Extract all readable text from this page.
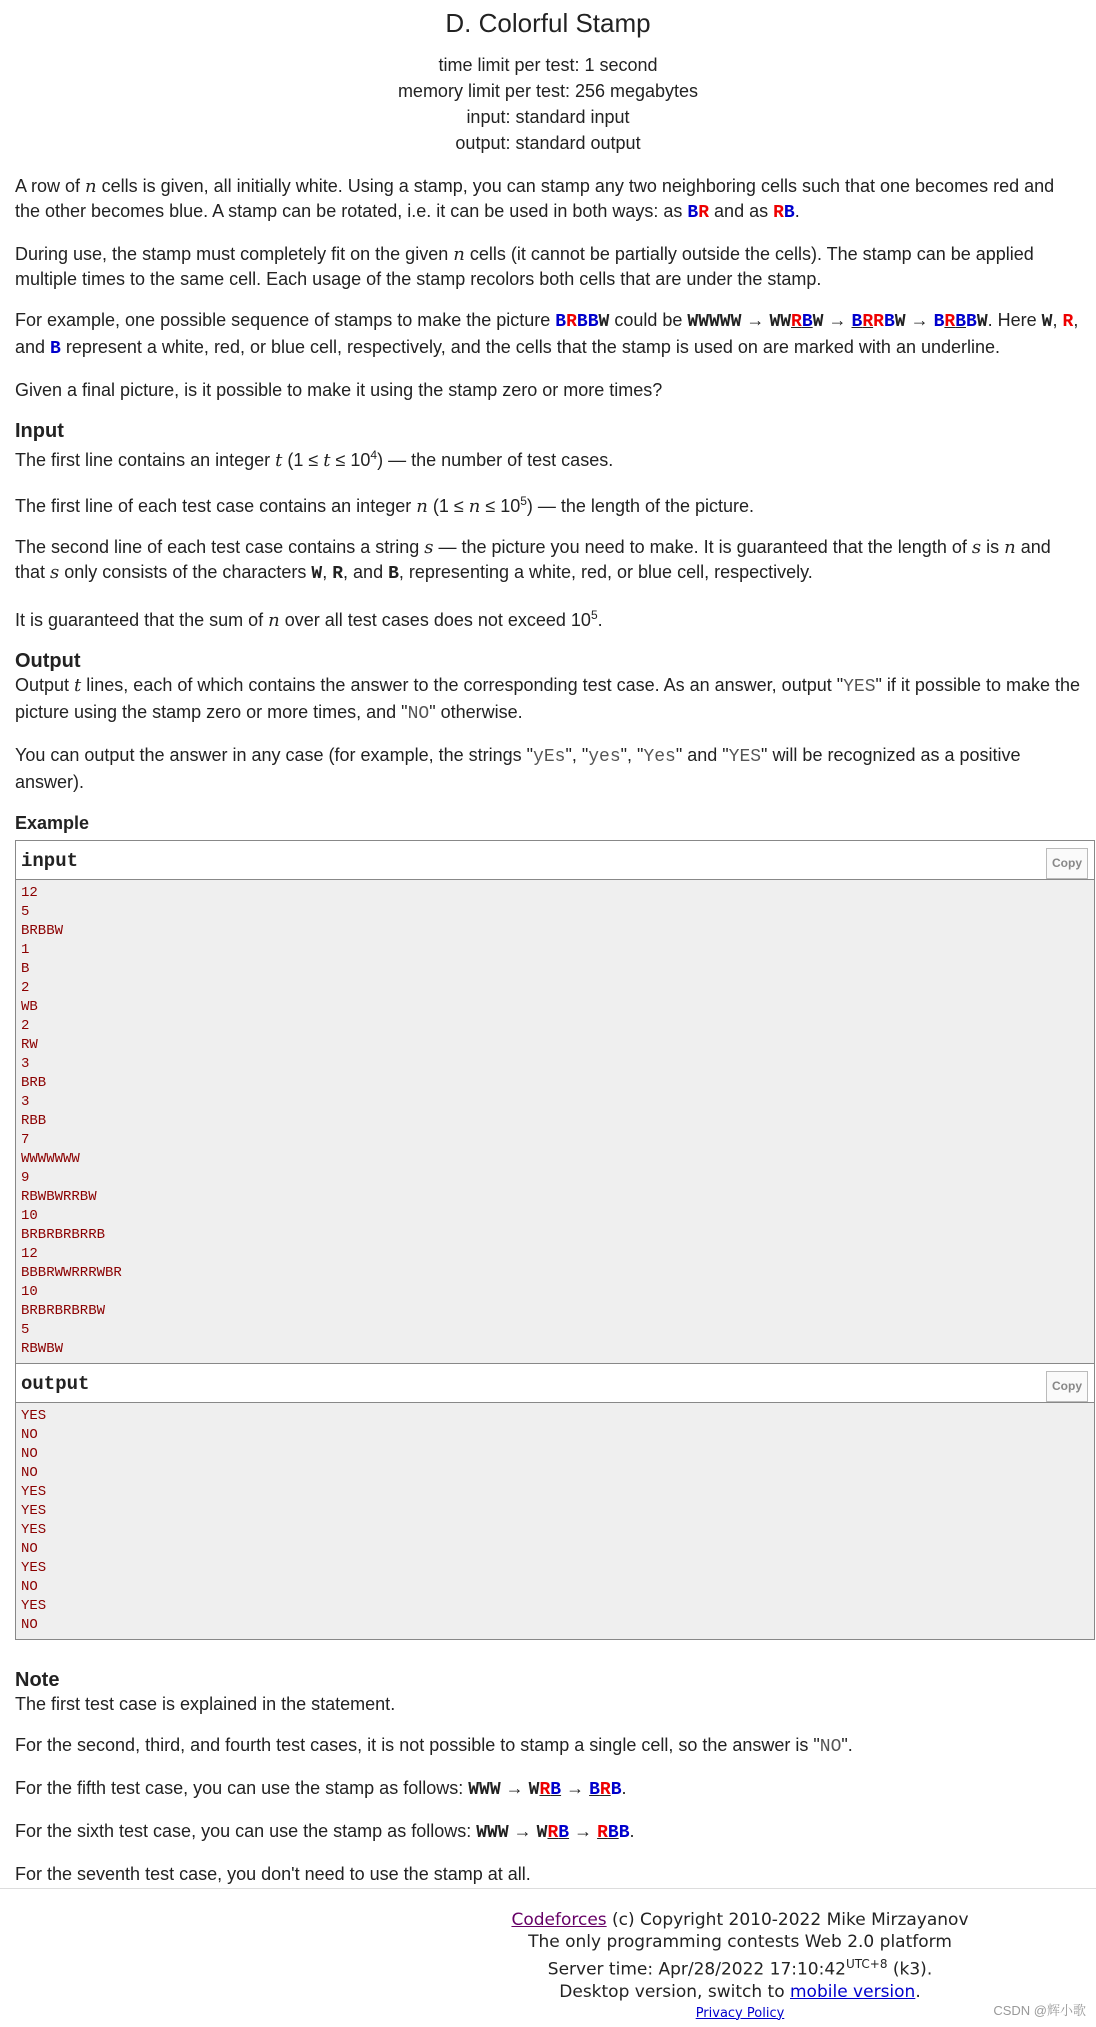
D. Colorful Stamp
time limit per test: 1 second
memory limit per test: 256 megabytes
input: standard input
output: standard output

A row of n cells is given, all initially white. Using a stamp, you can stamp any two neighboring cells such that one becomes red and the other becomes blue. A stamp can be rotated, i.e. it can be used in both ways: as BR and as RB.

During use, the stamp must completely fit on the given n cells (it cannot be partially outside the cells). The stamp can be applied multiple times to the same cell. Each usage of the stamp recolors both cells that are under the stamp.

For example, one possible sequence of stamps to make the picture BRBBW could be WWWWW → WWRBW → BRRBW → BRBBW. Here W, R, and B represent a white, red, or blue cell, respectively, and the cells that the stamp is used on are marked with an underline.

Given a final picture, is it possible to make it using the stamp zero or more times?

Input

The first line contains an integer t $(1 \le t \le 10^4)$ — the number of test cases.

The first line of each test case contains an integer n $(1 \le n \le 10^5)$ — the length of the picture.

The second line of each test case contains a string s — the picture you need to make. It is guaranteed that the length of s is n and that s only consists of the characters W, R, and B, representing a white, red, or blue cell, respectively.

It is guaranteed that the sum of n over all test cases does not exceed $10^5$.

Output

Output t lines, each of which contains the answer to the corresponding test case. As an answer, output "YES" if it possible to make the picture using the stamp zero or more times, and "NO" otherwise.

You can output the answer in any case (for example, the strings "yEs", "yes", "Yes" and "YES" will be recognized as a positive answer).

Example
input	Copy
12
5
BRBBW
1
B
2
WB
2
RW
3
BRB
3
RBB
7
WWWWWWW
9
RBWBWRRBW
10
BRBRBRBRRB
12
BBBRWWRRRWBR
10
BRBRBRBRBW
5
RBWBW
output	Copy
YES
NO
NO
NO
YES
YES
YES
NO
YES
NO
YES
NO
Note

The first test case is explained in the statement.

For the second, third, and fourth test cases, it is not possible to stamp a single cell, so the answer is "NO".

For the fifth test case, you can use the stamp as follows: WWW → WRB → BRB.

For the sixth test case, you can use the stamp as follows: WWW → WRB → RBB.

For the seventh test case, you don't need to use the stamp at all.

Codeforces (c) Copyright 2010-2022 Mike Mirzayanov
The only programming contests Web 2.0 platform
Server time: Apr/28/2022 $17:10:42^{UTC+8}$ (k3).
Desktop version, switch to mobile version.
Privacy Policy	CSDN @辉小歌
